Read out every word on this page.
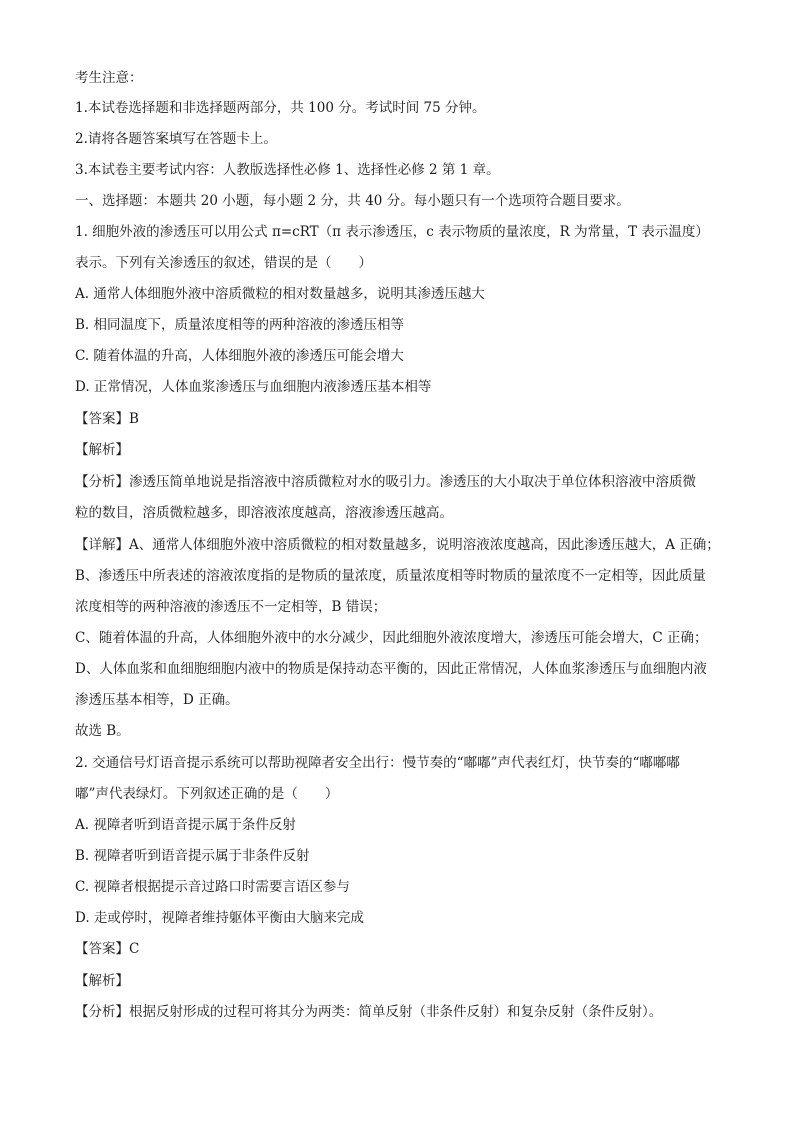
考生注意：
1.本试卷选择题和非选择题两部分，共 100 分。考试时间 75 分钟。
2.请将各题答案填写在答题卡上。
3.本试卷主要考试内容：人教版选择性必修 1、选择性必修 2 第 1 章。
一、选择题：本题共 20 小题，每小题 2 分，共 40 分。每小题只有一个选项符合题目要求。
1. 细胞外液的渗透压可以用公式 π=cRT（π 表示渗透压，c 表示物质的量浓度，R 为常量，T 表示温度）
表示。下列有关渗透压的叙述，错误的是（　　）
A. 通常人体细胞外液中溶质微粒的相对数量越多，说明其渗透压越大
B. 相同温度下，质量浓度相等的两种溶液的渗透压相等
C. 随着体温的升高，人体细胞外液的渗透压可能会增大
D. 正常情况，人体血浆渗透压与血细胞内液渗透压基本相等
【答案】B
【解析】
【分析】渗透压简单地说是指溶液中溶质微粒对水的吸引力。渗透压的大小取决于单位体积溶液中溶质微
粒的数目，溶质微粒越多，即溶液浓度越高，溶液渗透压越高。
【详解】A、通常人体细胞外液中溶质微粒的相对数量越多，说明溶液浓度越高，因此渗透压越大，A 正确；
B、渗透压中所表述的溶液浓度指的是物质的量浓度，质量浓度相等时物质的量浓度不一定相等，因此质量
浓度相等的两种溶液的渗透压不一定相等，B 错误；
C、随着体温的升高，人体细胞外液中的水分减少，因此细胞外液浓度增大，渗透压可能会增大，C 正确；
D、人体血浆和血细胞细胞内液中的物质是保持动态平衡的，因此正常情况，人体血浆渗透压与血细胞内液
渗透压基本相等，D 正确。
故选 B。
2. 交通信号灯语音提示系统可以帮助视障者安全出行：慢节奏的“嘟嘟”声代表红灯，快节奏的“嘟嘟嘟
嘟”声代表绿灯。下列叙述正确的是（　　）
A. 视障者听到语音提示属于条件反射
B. 视障者听到语音提示属于非条件反射
C. 视障者根据提示音过路口时需要言语区参与
D. 走或停时，视障者维持躯体平衡由大脑来完成
【答案】C
【解析】
【分析】根据反射形成的过程可将其分为两类：简单反射（非条件反射）和复杂反射（条件反射）。
